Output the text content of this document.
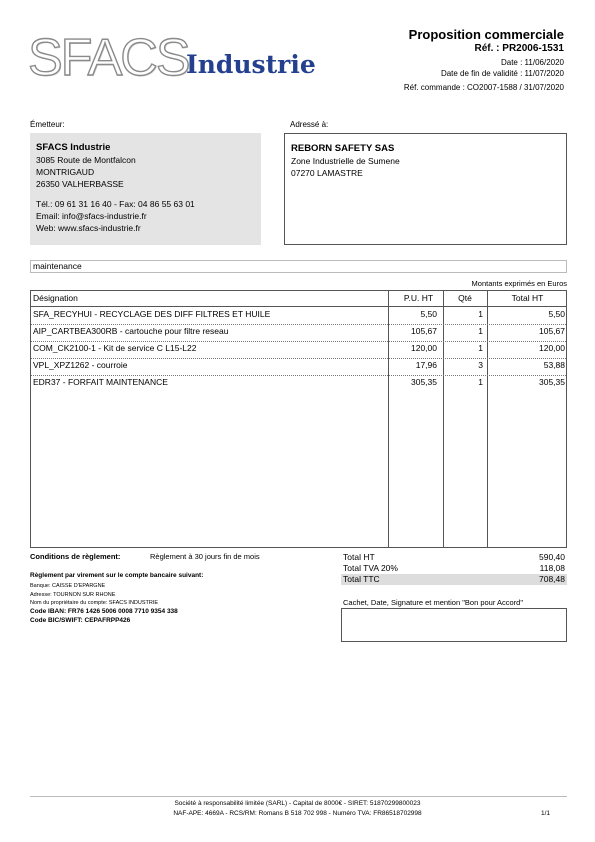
SFACS
Industrie
Proposition commerciale
Réf. : PR2006-1531
Date : 11/06/2020
Date de fin de validité : 11/07/2020
Réf. commande : CO2007-1588 / 31/07/2020
Émetteur:
SFACS Industrie
3085 Route de Montfalcon
MONTRIGAUD
26350 VALHERBASSE
Tél.: 09 61 31 16 40 - Fax: 04 86 55 63 01
Email: info@sfacs-industrie.fr
Web: www.sfacs-industrie.fr
Adressé à:
REBORN SAFETY SAS
Zone Industrielle de Sumene
07270 LAMASTRE
maintenance
Montants exprimés en Euros
Désignation	P.U. HT	Qté	Total HT
SFA_RECYHUI - RECYCLAGE DES DIFF FILTRES ET HUILE	5,50	1	5,50
AIP_CARTBEA300RB - cartouche pour filtre reseau	105,67	1	105,67
COM_CK2100-1 - Kit de service C L15-L22	120,00	1	120,00
VPL_XPZ1262 - courroie	17,96	3	53,88
EDR37 - FORFAIT MAINTENANCE	305,35	1	305,35
Conditions de règlement:	Règlement à 30 jours fin de mois
Règlement par virement sur le compte bancaire suivant:
Banque: CAISSE D'EPARGNE
Adresse: TOURNON SUR RHONE
Nom du propriétaire du compte: SFACS INDUSTRIE
Code IBAN: FR76 1426 5006 0008 7710 9354 338
Code BIC/SWIFT: CEPAFRPP426
Total HT	590,40
Total TVA 20%	118,08
Total TTC	708,48
Cachet, Date, Signature et mention "Bon pour Accord"
Société à responsabilité limitée (SARL) - Capital de 8000€ - SIRET: 51870299800023
NAF-APE: 4669A - RCS/RM: Romans B 518 702 998 - Numéro TVA: FR86518702998	1/1
